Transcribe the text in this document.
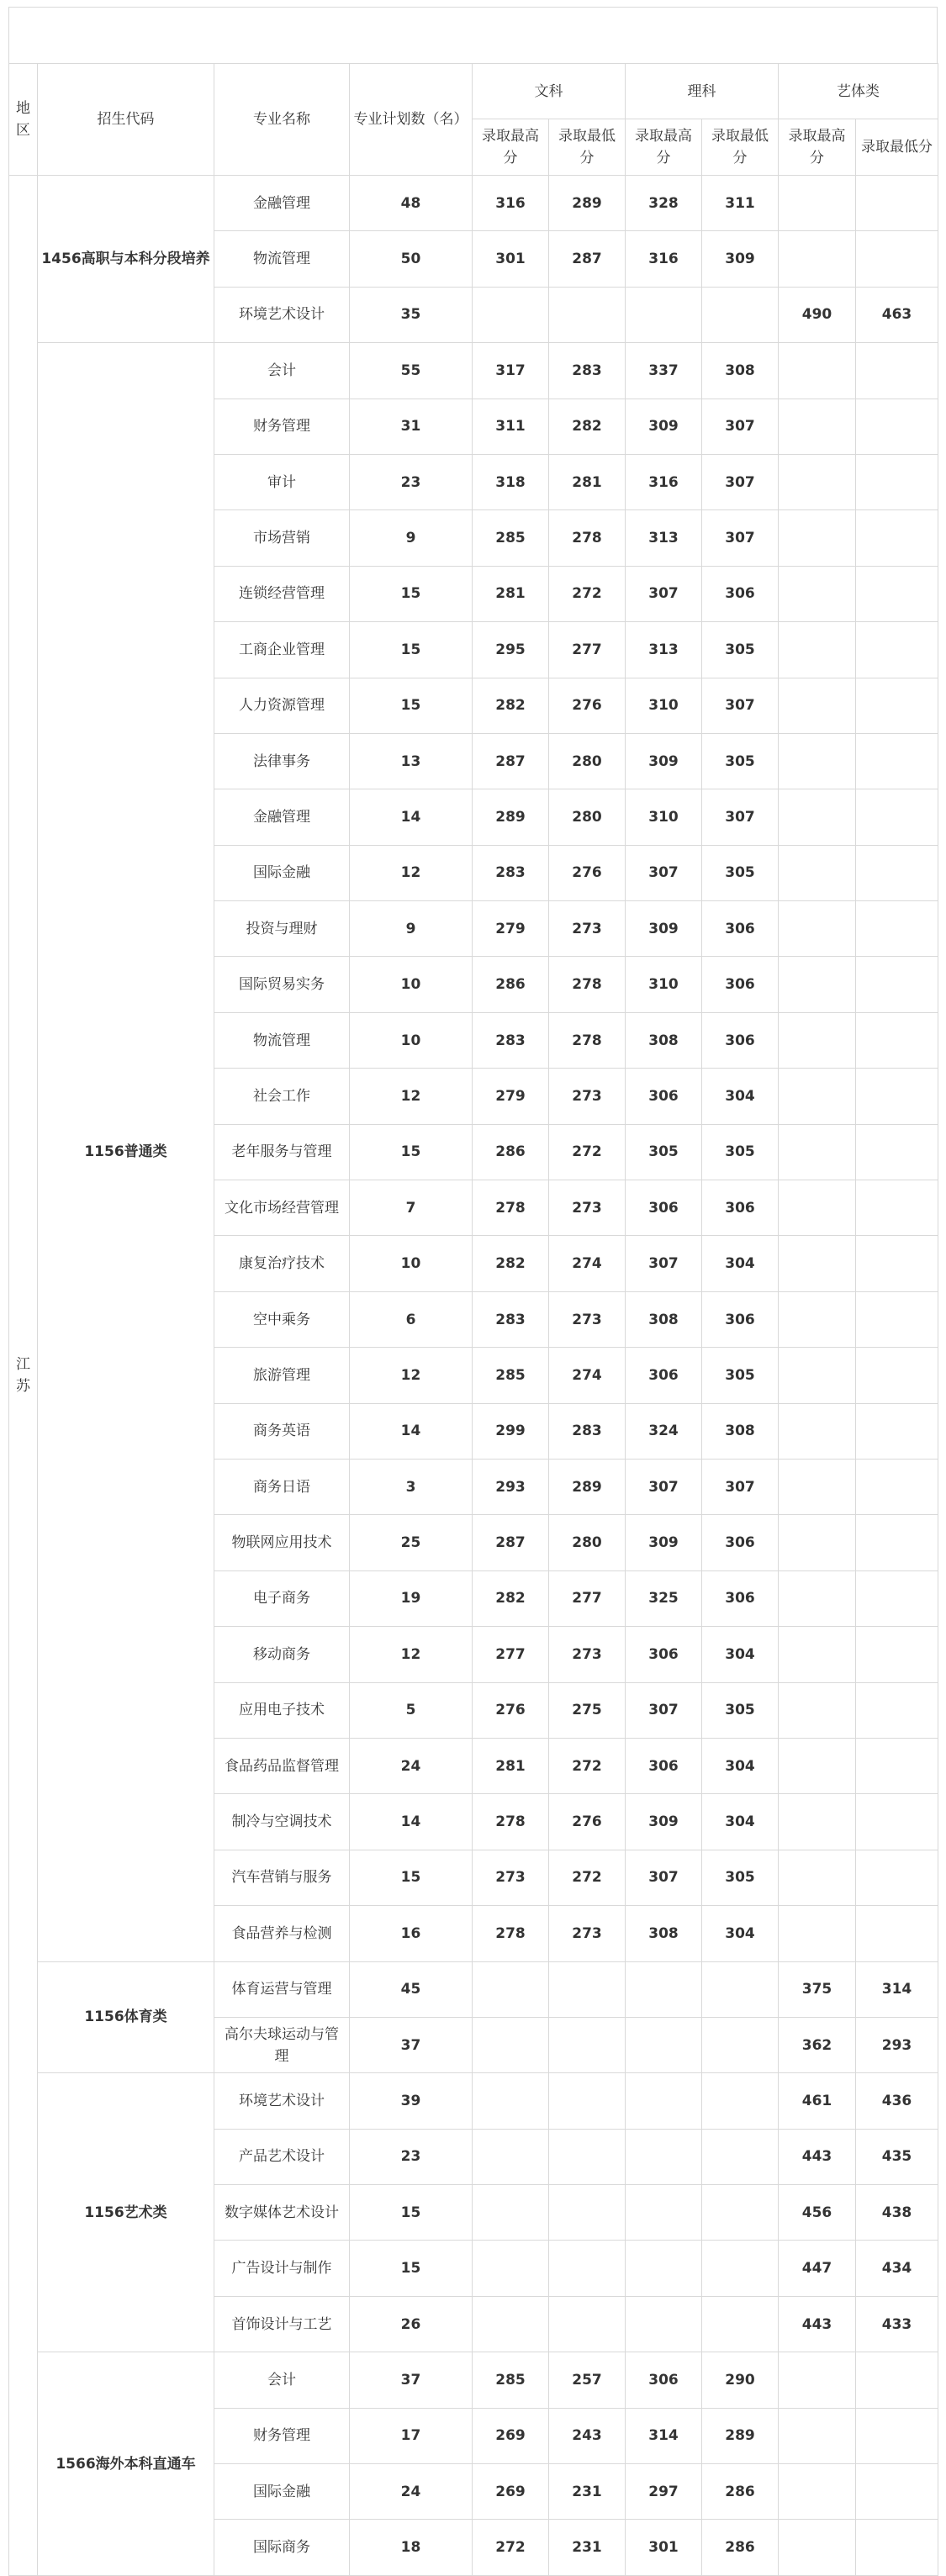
地区	招生代码	专业名称	专业计划数（名）	文科		理科		艺体类	
				录取最高分	录取最低分	录取最高分	录取最低分	录取最高分	录取最低分
江苏	1456高职与本科分段培养	金融管理	48	316	289	328	311		
		物流管理	50	301	287	316	309		
		环境艺术设计	35					490	463
	1156普通类	会计	55	317	283	337	308		
		财务管理	31	311	282	309	307		
		审计	23	318	281	316	307		
		市场营销	9	285	278	313	307		
		连锁经营管理	15	281	272	307	306		
		工商企业管理	15	295	277	313	305		
		人力资源管理	15	282	276	310	307		
		法律事务	13	287	280	309	305		
		金融管理	14	289	280	310	307		
		国际金融	12	283	276	307	305		
		投资与理财	9	279	273	309	306		
		国际贸易实务	10	286	278	310	306		
		物流管理	10	283	278	308	306		
		社会工作	12	279	273	306	304		
		老年服务与管理	15	286	272	305	305		
		文化市场经营管理	7	278	273	306	306		
		康复治疗技术	10	282	274	307	304		
		空中乘务	6	283	273	308	306		
		旅游管理	12	285	274	306	305		
		商务英语	14	299	283	324	308		
		商务日语	3	293	289	307	307		
		物联网应用技术	25	287	280	309	306		
		电子商务	19	282	277	325	306		
		移动商务	12	277	273	306	304		
		应用电子技术	5	276	275	307	305		
		食品药品监督管理	24	281	272	306	304		
		制冷与空调技术	14	278	276	309	304		
		汽车营销与服务	15	273	272	307	305		
		食品营养与检测	16	278	273	308	304		
	1156体育类	体育运营与管理	45					375	314
		高尔夫球运动与管理	37					362	293
	1156艺术类	环境艺术设计	39					461	436
		产品艺术设计	23					443	435
		数字媒体艺术设计	15					456	438
		广告设计与制作	15					447	434
		首饰设计与工艺	26					443	433
	1566海外本科直通车	会计	37	285	257	306	290		
		财务管理	17	269	243	314	289		
		国际金融	24	269	231	297	286		
		国际商务	18	272	231	301	286		
